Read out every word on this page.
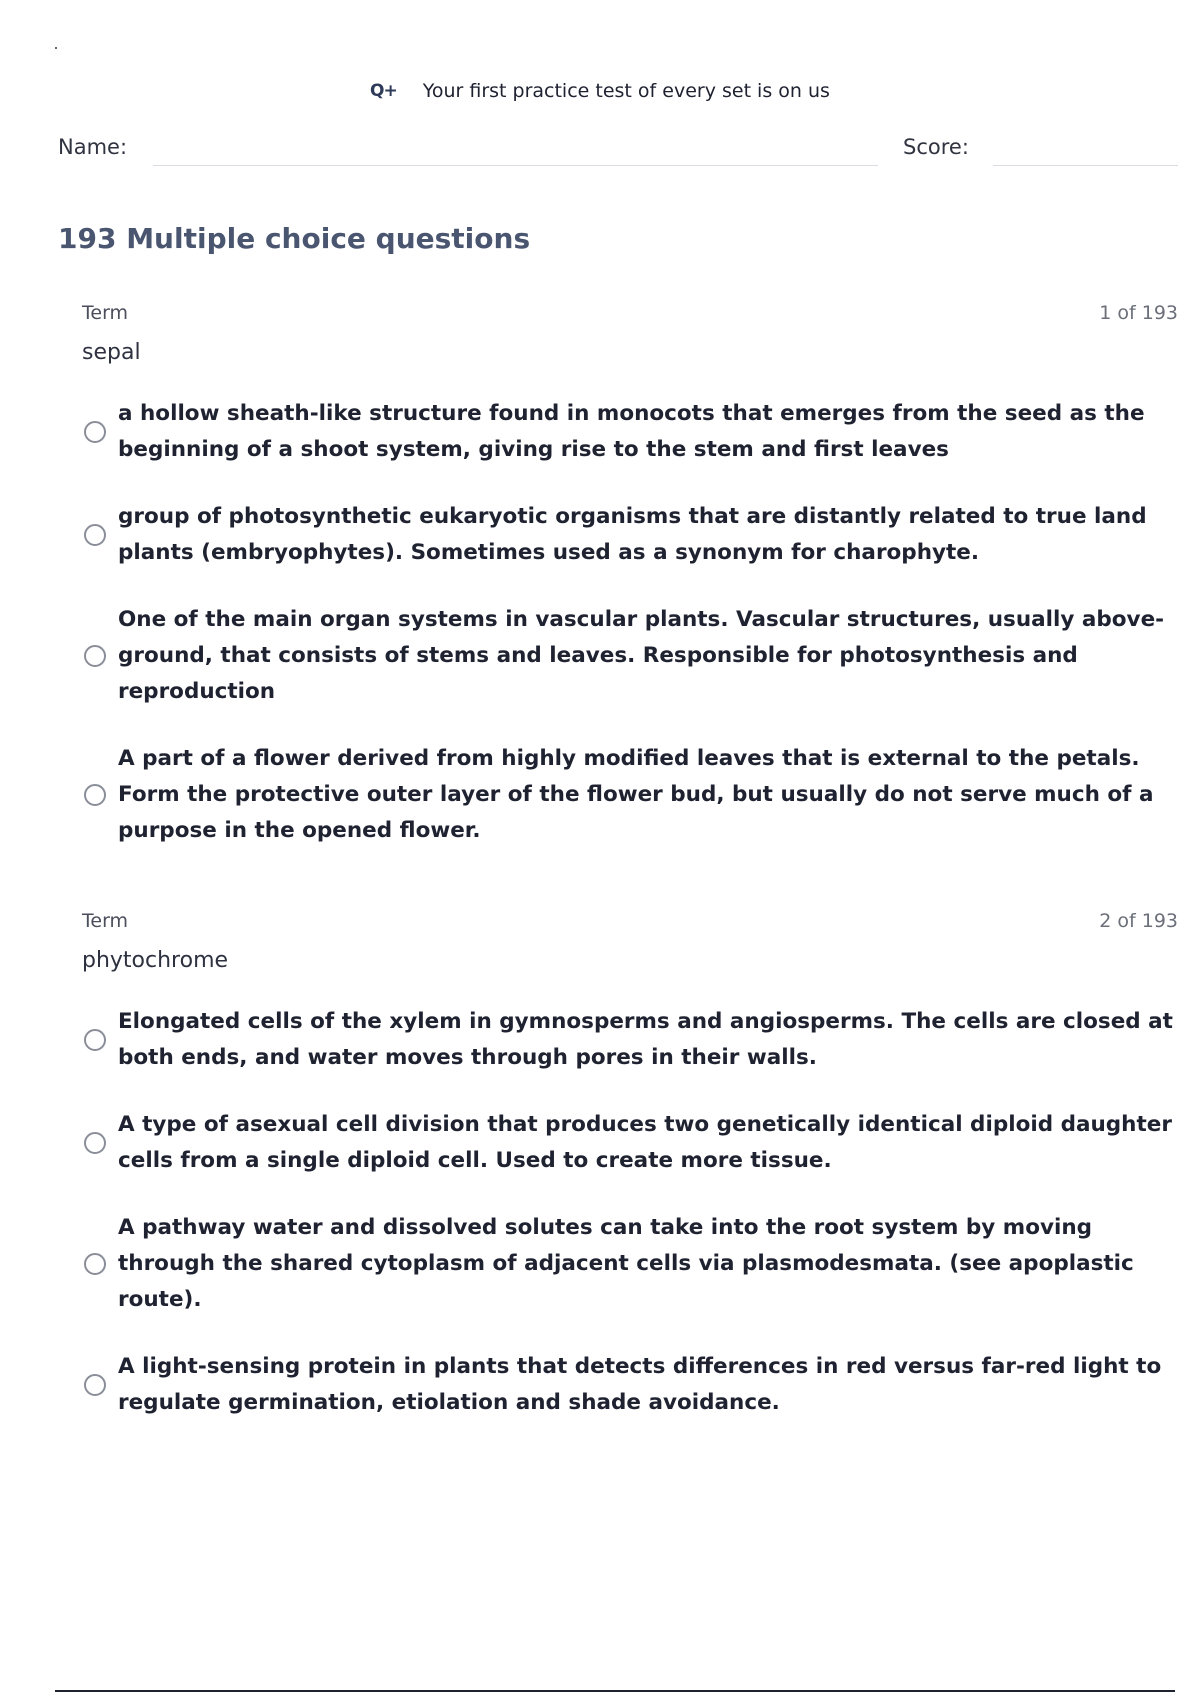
Q+ Your first practice test of every set is on us
Name:	Score:
193 Multiple choice questions
Term	1 of 193
sepal
a hollow sheath-like structure found in monocots that emerges from the seed as the beginning of a shoot system, giving rise to the stem and first leaves
group of photosynthetic eukaryotic organisms that are distantly related to true land plants (embryophytes). Sometimes used as a synonym for charophyte.
One of the main organ systems in vascular plants. Vascular structures, usually above-ground, that consists of stems and leaves. Responsible for photosynthesis and reproduction
A part of a flower derived from highly modified leaves that is external to the petals. Form the protective outer layer of the flower bud, but usually do not serve much of a purpose in the opened flower.
Term	2 of 193
phytochrome
Elongated cells of the xylem in gymnosperms and angiosperms. The cells are closed at both ends, and water moves through pores in their walls.
A type of asexual cell division that produces two genetically identical diploid daughter cells from a single diploid cell. Used to create more tissue.
A pathway water and dissolved solutes can take into the root system by moving through the shared cytoplasm of adjacent cells via plasmodesmata. (see apoplastic route).
A light-sensing protein in plants that detects differences in red versus far-red light to regulate germination, etiolation and shade avoidance.
